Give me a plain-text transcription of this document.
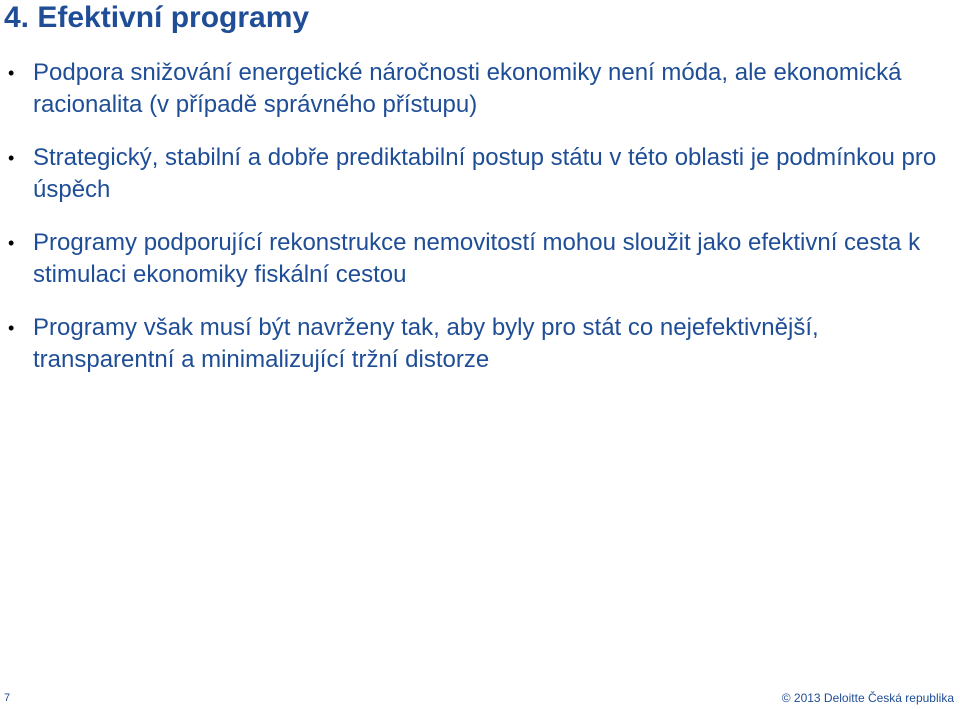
4. Efektivní programy
• Podpora snižování energetické náročnosti ekonomiky není móda, ale ekonomická racionalita (v případě správného přístupu)
• Strategický, stabilní a dobře prediktabilní postup státu v této oblasti je podmínkou pro úspěch
• Programy podporující rekonstrukce nemovitostí mohou sloužit jako efektivní cesta k stimulaci ekonomiky fiskální cestou
• Programy však musí být navrženy tak, aby byly pro stát co nejefektivnější, transparentní a minimalizující tržní distorze
7	© 2013 Deloitte Česká republika
